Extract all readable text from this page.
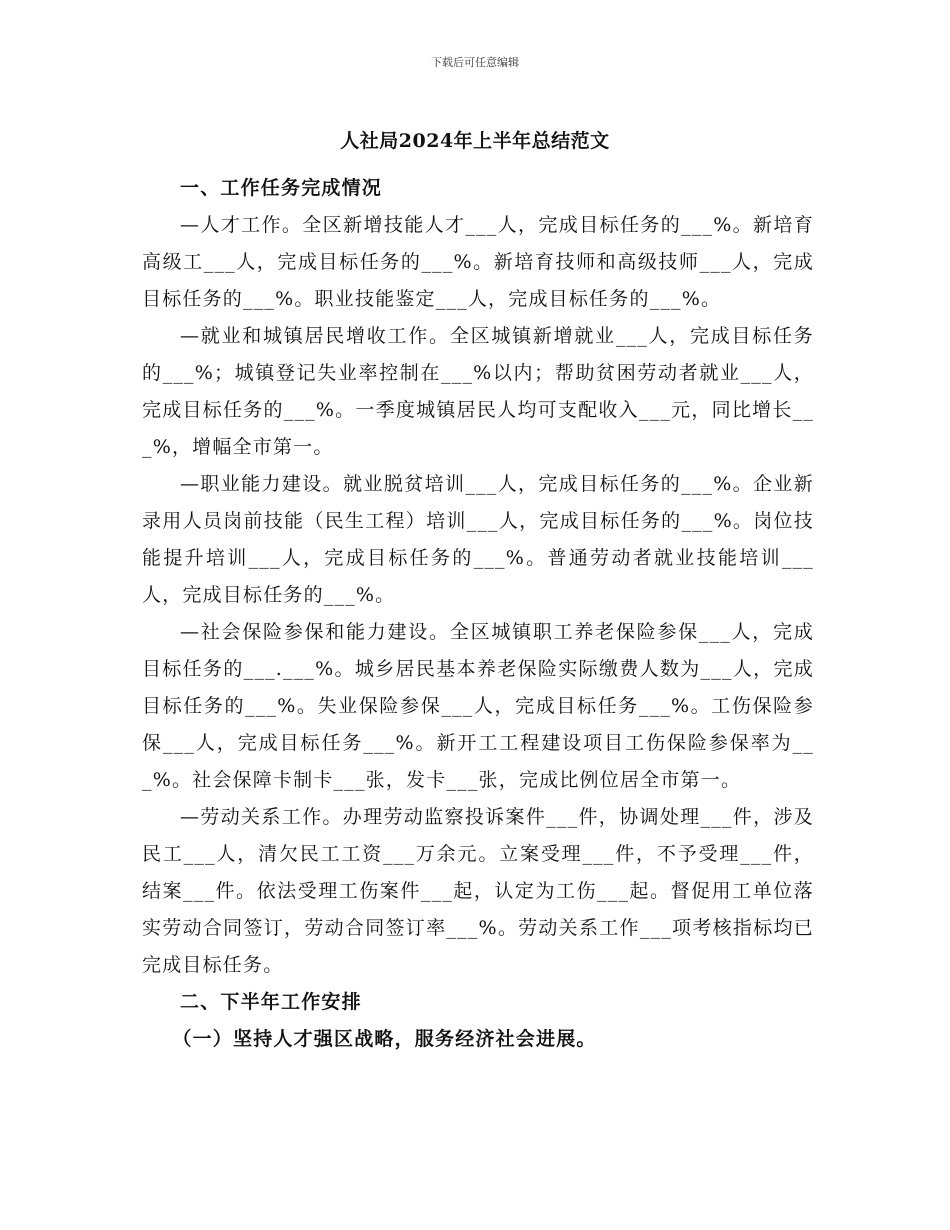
下载后可任意编辑
人社局2024年上半年总结范文
一、工作任务完成情况

—人才工作。全区新增技能人才___人，完成目标任务的___%。新培育高级工___人，完成目标任务的___%。新培育技师和高级技师___人，完成目标任务的___%。职业技能鉴定___人，完成目标任务的___%。

—就业和城镇居民增收工作。全区城镇新增就业___人，完成目标任务的___%；城镇登记失业率控制在___%以内；帮助贫困劳动者就业___人，完成目标任务的___%。一季度城镇居民人均可支配收入___元，同比增长___%，增幅全市第一。

—职业能力建设。就业脱贫培训___人，完成目标任务的___%。企业新录用人员岗前技能（民生工程）培训___人，完成目标任务的___%。岗位技能提升培训___人，完成目标任务的___%。普通劳动者就业技能培训___人，完成目标任务的___%。

—社会保险参保和能力建设。全区城镇职工养老保险参保___人，完成目标任务的___.___%。城乡居民基本养老保险实际缴费人数为___人，完成目标任务的___%。失业保险参保___人，完成目标任务___%。工伤保险参保___人，完成目标任务___%。新开工工程建设项目工伤保险参保率为___%。社会保障卡制卡___张，发卡___张，完成比例位居全市第一。

—劳动关系工作。办理劳动监察投诉案件___件，协调处理___件，涉及民工___人，清欠民工工资___万余元。立案受理___件，不予受理___件，结案___件。依法受理工伤案件___起，认定为工伤___起。督促用工单位落实劳动合同签订，劳动合同签订率___%。劳动关系工作___项考核指标均已完成目标任务。

二、下半年工作安排
（一）坚持人才强区战略，服务经济社会进展。
